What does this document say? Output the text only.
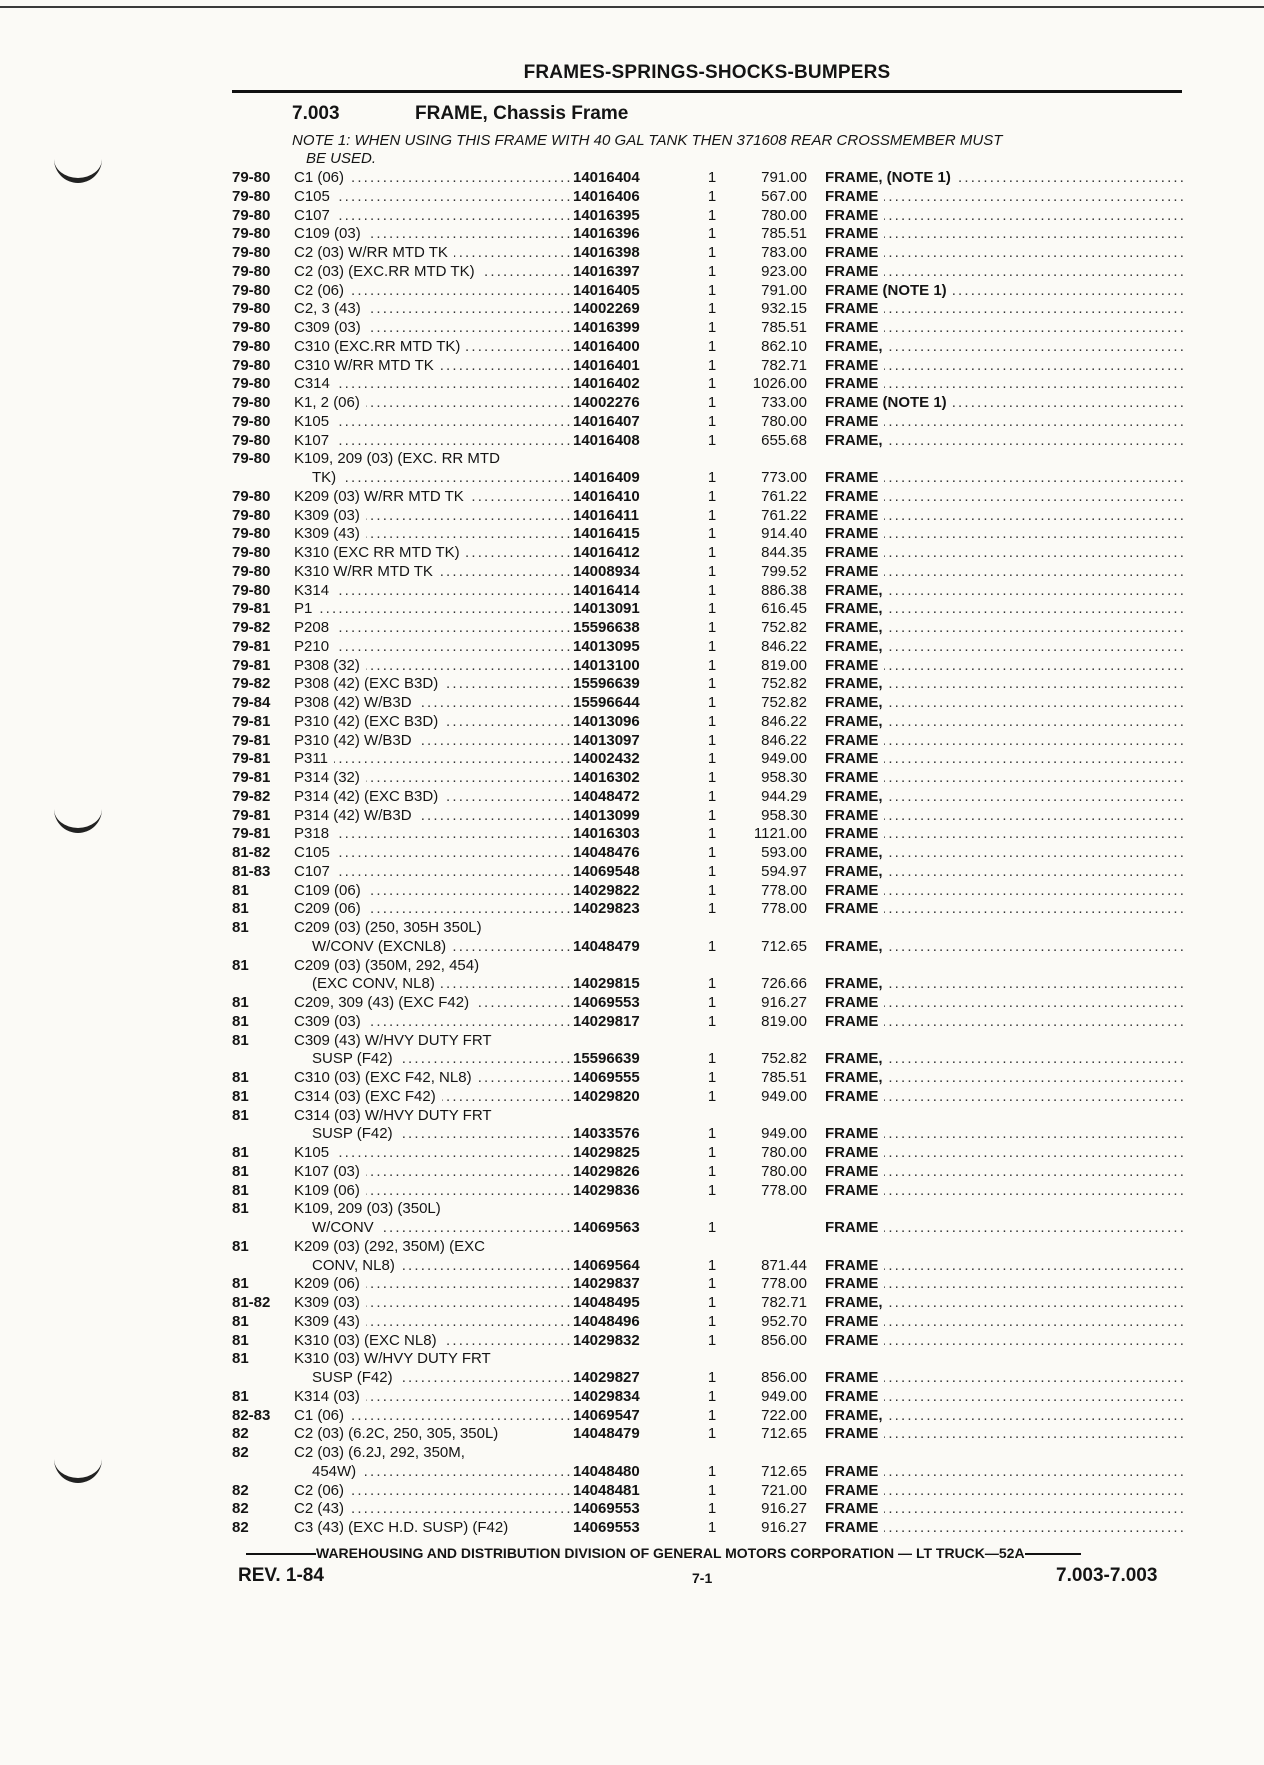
FRAMES-SPRINGS-SHOCKS-BUMPERS
7.003	FRAME, Chassis Frame
NOTE 1: WHEN USING THIS FRAME WITH 40 GAL TANK THEN 371608 REAR CROSSMEMBER MUST
BE USED.
79-80	C1 (06) . . .	14016404	1	791.00	FRAME, (NOTE 1) . . .
79-80	C105 . . .	14016406	1	567.00	FRAME . . .
79-80	C107 . . .	14016395	1	780.00	FRAME . . .
79-80	C109 (03) . . .	14016396	1	785.51	FRAME . . .
79-80	C2 (03) W/RR MTD TK . . .	14016398	1	783.00	FRAME . . .
79-80	C2 (03) (EXC.RR MTD TK) . . .	14016397	1	923.00	FRAME . . .
79-80	C2 (06) . . .	14016405	1	791.00	FRAME (NOTE 1) . . .
79-80	C2, 3 (43) . . .	14002269	1	932.15	FRAME . . .
79-80	C309 (03) . . .	14016399	1	785.51	FRAME . . .
79-80	C310 (EXC.RR MTD TK) . . .	14016400	1	862.10	FRAME, . . .
79-80	C310 W/RR MTD TK . . .	14016401	1	782.71	FRAME . . .
79-80	C314 . . .	14016402	1	1026.00	FRAME . . .
79-80	K1, 2 (06) . . .	14002276	1	733.00	FRAME (NOTE 1) . . .
79-80	K105 . . .	14016407	1	780.00	FRAME . . .
79-80	K107 . . .	14016408	1	655.68	FRAME, . . .
79-80	K109, 209 (03) (EXC. RR MTD				
	TK) . . .	14016409	1	773.00	FRAME . . .
79-80	K209 (03) W/RR MTD TK . . .	14016410	1	761.22	FRAME . . .
79-80	K309 (03) . . .	14016411	1	761.22	FRAME . . .
79-80	K309 (43) . . .	14016415	1	914.40	FRAME . . .
79-80	K310 (EXC RR MTD TK) . . .	14016412	1	844.35	FRAME . . .
79-80	K310 W/RR MTD TK . . .	14008934	1	799.52	FRAME . . .
79-80	K314 . . .	14016414	1	886.38	FRAME, . . .
79-81	P1 . . .	14013091	1	616.45	FRAME, . . .
79-82	P208 . . .	15596638	1	752.82	FRAME, . . .
79-81	P210 . . .	14013095	1	846.22	FRAME, . . .
79-81	P308 (32) . . .	14013100	1	819.00	FRAME . . .
79-82	P308 (42) (EXC B3D) . . .	15596639	1	752.82	FRAME, . . .
79-84	P308 (42) W/B3D . . .	15596644	1	752.82	FRAME, . . .
79-81	P310 (42) (EXC B3D) . . .	14013096	1	846.22	FRAME, . . .
79-81	P310 (42) W/B3D . . .	14013097	1	846.22	FRAME . . .
79-81	P311 . . .	14002432	1	949.00	FRAME . . .
79-81	P314 (32) . . .	14016302	1	958.30	FRAME . . .
79-82	P314 (42) (EXC B3D) . . .	14048472	1	944.29	FRAME, . . .
79-81	P314 (42) W/B3D . . .	14013099	1	958.30	FRAME . . .
79-81	P318 . . .	14016303	1	1121.00	FRAME . . .
81-82	C105 . . .	14048476	1	593.00	FRAME, . . .
81-83	C107 . . .	14069548	1	594.97	FRAME, . . .
81	C109 (06) . . .	14029822	1	778.00	FRAME . . .
81	C209 (06) . . .	14029823	1	778.00	FRAME . . .
81	C209 (03) (250, 305H 350L)				
	W/CONV (EXCNL8) . . .	14048479	1	712.65	FRAME, . . .
81	C209 (03) (350M, 292, 454)				
	(EXC CONV, NL8) . . .	14029815	1	726.66	FRAME, . . .
81	C209, 309 (43) (EXC F42) . . .	14069553	1	916.27	FRAME . . .
81	C309 (03) . . .	14029817	1	819.00	FRAME . . .
81	C309 (43) W/HVY DUTY FRT				
	SUSP (F42) . . .	15596639	1	752.82	FRAME, . . .
81	C310 (03) (EXC F42, NL8) . . .	14069555	1	785.51	FRAME, . . .
81	C314 (03) (EXC F42) . . .	14029820	1	949.00	FRAME . . .
81	C314 (03) W/HVY DUTY FRT				
	SUSP (F42) . . .	14033576	1	949.00	FRAME . . .
81	K105 . . .	14029825	1	780.00	FRAME . . .
81	K107 (03) . . .	14029826	1	780.00	FRAME . . .
81	K109 (06) . . .	14029836	1	778.00	FRAME . . .
81	K109, 209 (03) (350L)				
	W/CONV . . .	14069563	1		FRAME . . .
81	K209 (03) (292, 350M) (EXC				
	CONV, NL8) . . .	14069564	1	871.44	FRAME . . .
81	K209 (06) . . .	14029837	1	778.00	FRAME . . .
81-82	K309 (03) . . .	14048495	1	782.71	FRAME, . . .
81	K309 (43) . . .	14048496	1	952.70	FRAME . . .
81	K310 (03) (EXC NL8) . . .	14029832	1	856.00	FRAME . . .
81	K310 (03) W/HVY DUTY FRT				
	SUSP (F42) . . .	14029827	1	856.00	FRAME . . .
81	K314 (03) . . .	14029834	1	949.00	FRAME . . .
82-83	C1 (06) . . .	14069547	1	722.00	FRAME, . . .
82	C2 (03) (6.2C, 250, 305, 350L)	14048479	1	712.65	FRAME . . .
82	C2 (03) (6.2J, 292, 350M,				
	454W) . . .	14048480	1	712.65	FRAME . . .
82	C2 (06) . . .	14048481	1	721.00	FRAME . . .
82	C2 (43) . . .	14069553	1	916.27	FRAME . . .
82	C3 (43) (EXC H.D. SUSP) (F42)	14069553	1	916.27	FRAME . . .
WAREHOUSING AND DISTRIBUTION DIVISION OF GENERAL MOTORS CORPORATION — LT TRUCK—52A
REV. 1-84	7-1	7.003-7.003
